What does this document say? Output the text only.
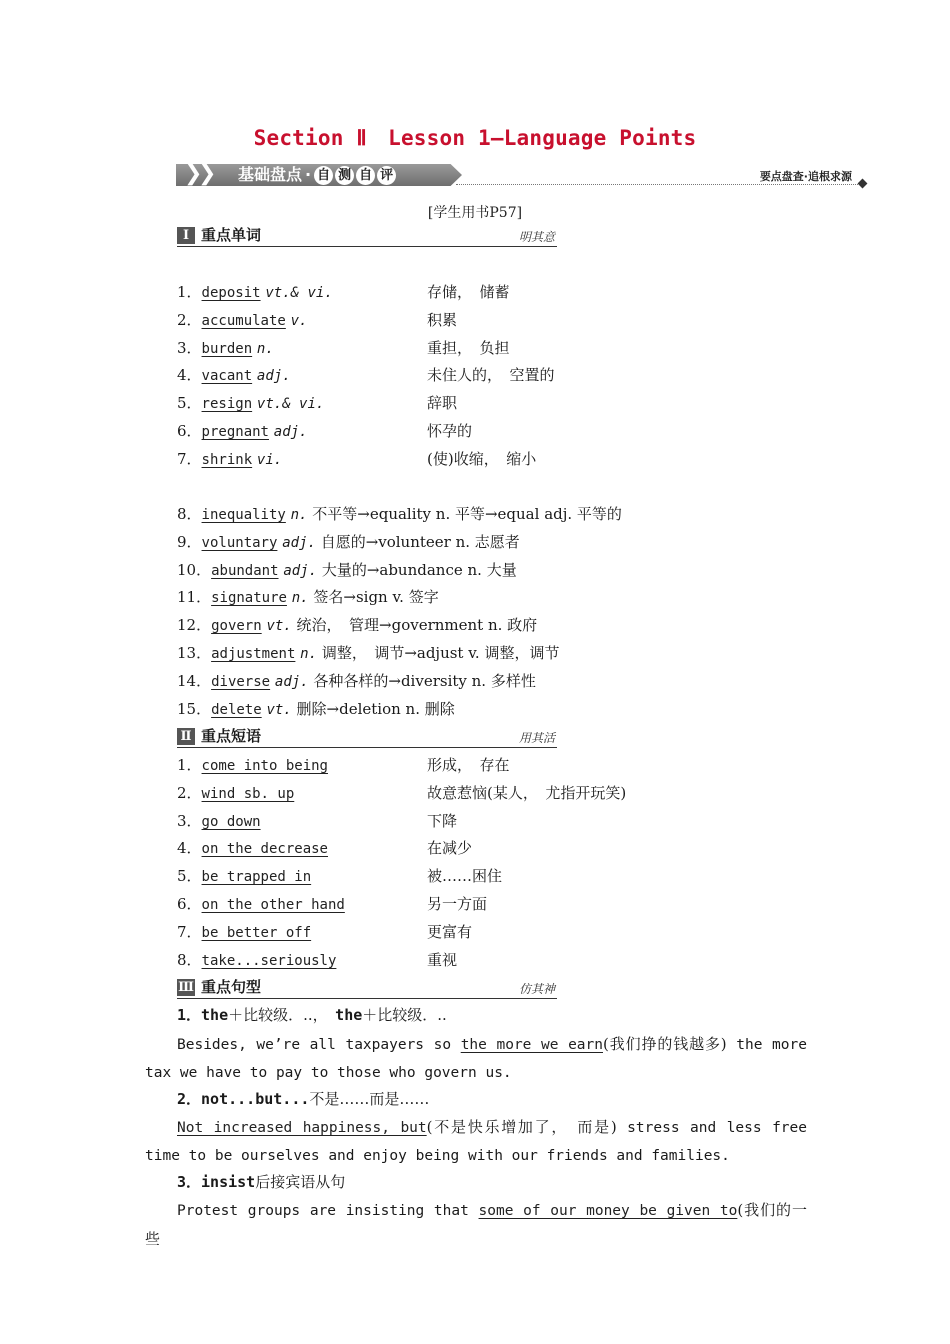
Section Ⅱ　Lesson 1—Language Points
❯
❯ 基础盘点 · 自 测 自 评	要点盘查·追根求源
[学生用书P57]
Ⅰ 重点单词	明其意
1．deposit vt.& vi.	存储，　储蓄
2．accumulate v.	积累
3．burden n.	重担，　负担
4．vacant adj.	未住人的，　空置的
5．resign vt.& vi.	辞职
6．pregnant adj.	怀孕的
7．shrink vi.	(使)收缩，　缩小
8．inequality n. 不平等→equality n. 平等→equal adj. 平等的
9．voluntary adj. 自愿的→volunteer n. 志愿者
10．abundant adj. 大量的→abundance n. 大量
11．signature n. 签名→sign v. 签字
12．govern vt. 统治，　管理→government n. 政府
13．adjustment n. 调整，　调节→adjust v. 调整，调节
14．diverse adj. 各种各样的→diversity n. 多样性
15．delete vt. 删除→deletion n. 删除
Ⅱ 重点短语	用其活
1．come into being	形成，　存在
2．wind sb. up	故意惹恼(某人，　尤指开玩笑)
3．go down	下降
4．on the decrease	在减少
5．be trapped in	被……困住
6．on the other hand	另一方面
7．be better off	更富有
8．take...seriously	重视
Ⅲ 重点句型	仿其神
1．the＋比较级．..，　the＋比较级．..
Besides, we’re all taxpayers so the more we earn(我们挣的钱越多) the more tax we have to pay to those who govern us.
2．not...but...不是……而是……
Not increased happiness, but(不是快乐增加了，　而是) stress and less free time to be ourselves and enjoy being with our friends and families.
3．insist后接宾语从句
Protest groups are insisting that some of our money be given to(我们的一些
